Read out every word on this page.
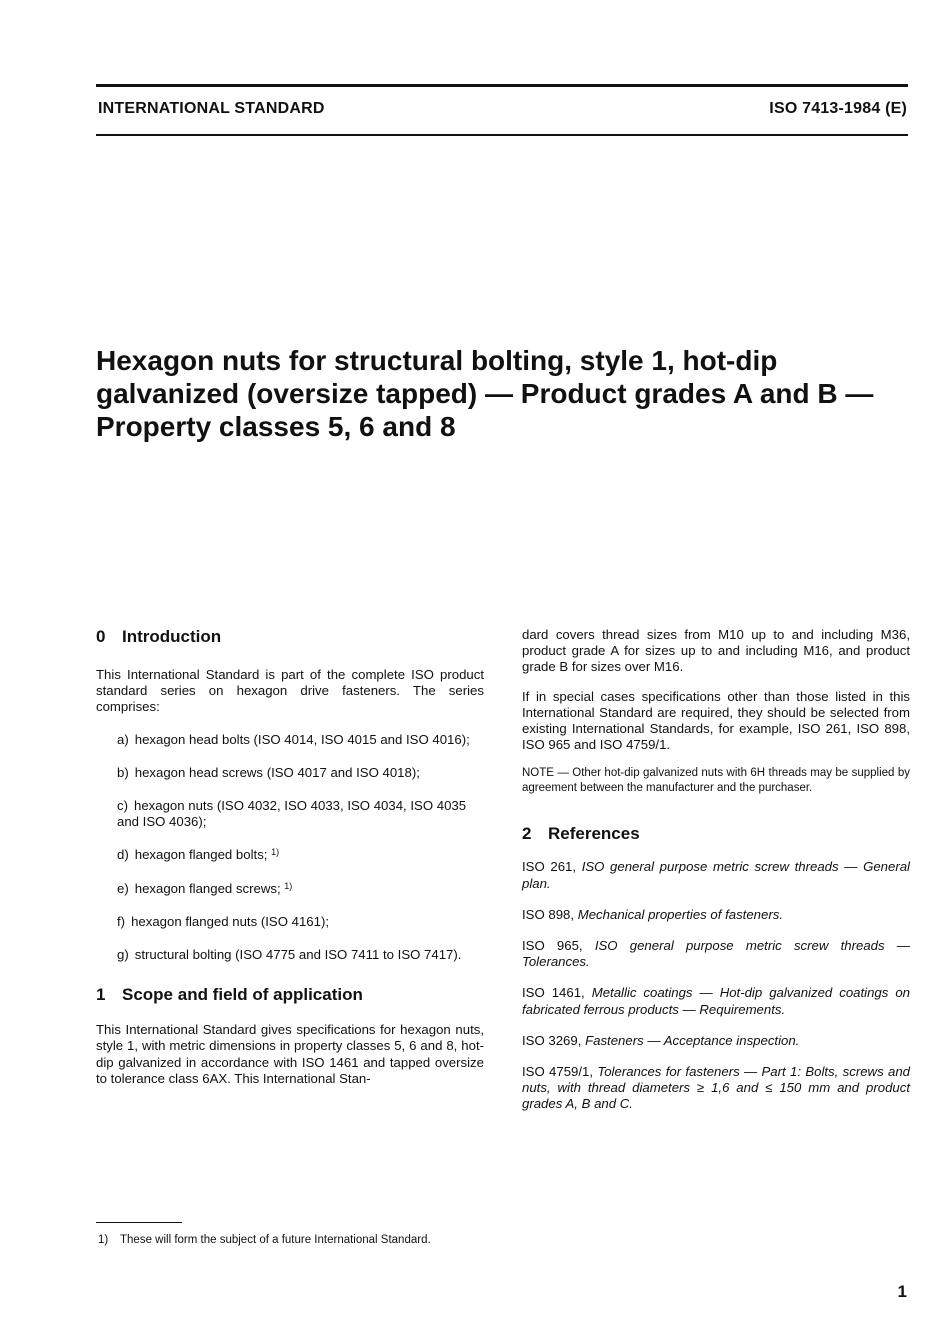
INTERNATIONAL STANDARD	ISO 7413-1984 (E)
Hexagon nuts for structural bolting, style 1, hot-dip
galvanized (oversize tapped) — Product grades A and B —
Property classes 5, 6 and 8
0 Introduction

This International Standard is part of the complete ISO product standard series on hexagon drive fasteners. The series comprises:

a) hexagon head bolts (ISO 4014, ISO 4015 and ISO 4016);
b) hexagon head screws (ISO 4017 and ISO 4018);
c) hexagon nuts (ISO 4032, ISO 4033, ISO 4034, ISO 4035 and ISO 4036);
d) hexagon flanged bolts; $^{1)}$
e) hexagon flanged screws; $^{1)}$
f) hexagon flanged nuts (ISO 4161);
g) structural bolting (ISO 4775 and ISO 7411 to ISO 7417).
1 Scope and field of application

This International Standard gives specifications for hexagon nuts, style 1, with metric dimensions in property classes 5, 6 and 8, hot-dip galvanized in accordance with ISO 1461 and tapped oversize to tolerance class 6AX. This International Stan-

dard covers thread sizes from M10 up to and including M36, product grade A for sizes up to and including M16, and product grade B for sizes over M16.

If in special cases specifications other than those listed in this International Standard are required, they should be selected from existing International Standards, for example, ISO 261, ISO 898, ISO 965 and ISO 4759/1.

NOTE — Other hot-dip galvanized nuts with 6H threads may be supplied by agreement between the manufacturer and the purchaser.

2 References

ISO 261, ISO general purpose metric screw threads — General plan.

ISO 898, Mechanical properties of fasteners.

ISO 965, ISO general purpose metric screw threads — Tolerances.

ISO 1461, Metallic coatings — Hot-dip galvanized coatings on fabricated ferrous products — Requirements.

ISO 3269, Fasteners — Acceptance inspection.

ISO 4759/1, Tolerances for fasteners — Part 1: Bolts, screws and nuts, with thread diameters ≥ 1,6 and ≤ 150 mm and product grades A, B and C.

1) These will form the subject of a future International Standard.
1
